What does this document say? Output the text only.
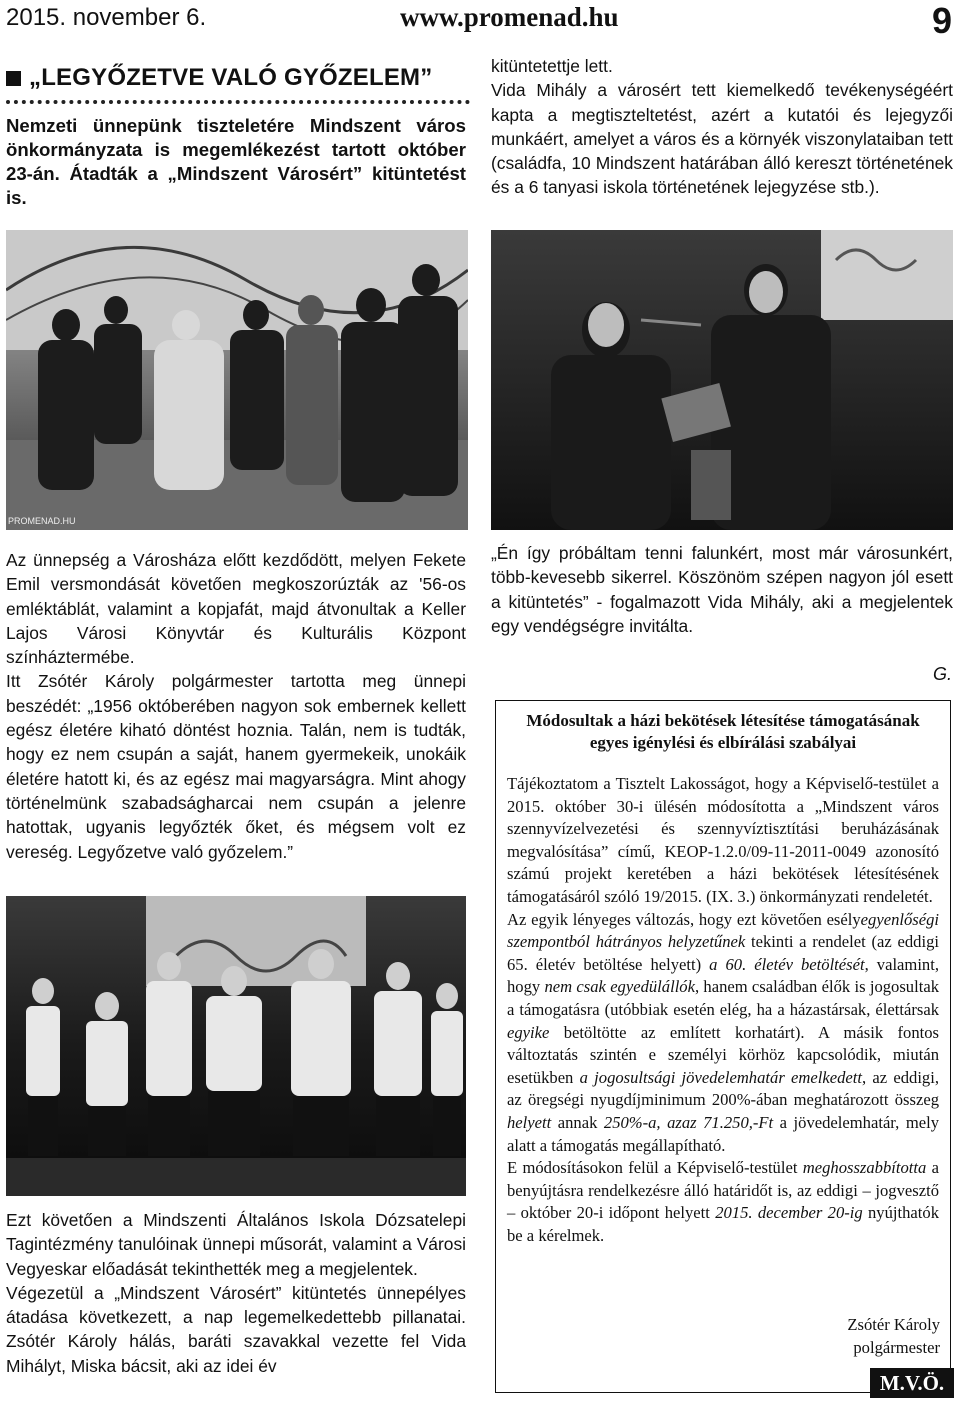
2015. november 6.	www.promenad.hu	9
„LEGYŐZETVE VALÓ GYŐZELEM”
Nemzeti ünnepünk tiszteletére Mindszent város önkormányzata is megemlékezést tartott október 23-án. Átadták a „Mindszent Városért” kitüntetést is.

kitüntetettje lett.

Vida Mihály a városért tett kiemelkedő tevékenységéért kapta a megtiszteltetést, azért a kutatói és lejegyzői munkáért, amelyet a város és a környék viszonylataiban tett (családfa, 10 Mindszent határában álló kereszt történetének és a 6 tanyasi iskola történetének lejegyzése stb.).

PROMENAD.HU

Az ünnepség a Városháza előtt kezdődött, melyen Fekete Emil versmondását követően megkoszorúzták az '56-os emléktáblát, valamint a kopjafát, majd átvonultak a Keller Lajos Városi Könyvtár és Kulturális Központ színháztermébe.

Itt Zsótér Károly polgármester tartotta meg ünnepi beszédét: „1956 októberében nagyon sok embernek kellett egész életére kiható döntést hoznia. Talán, nem is tudták, hogy ez nem csupán a saját, hanem gyermekeik, unokáik életére hatott ki, és az egész mai magyarságra. Mint ahogy történelmünk szabadságharcai nem csupán a jelenre hatottak, ugyanis legyőzték őket, és mégsem volt ez vereség. Legyőzetve való győzelem.”

„Én így próbáltam tenni falunkért, most már városunkért, több-kevesebb sikerrel. Köszönöm szépen nagyon jól esett a kitüntetés” - fogalmazott Vida Mihály, aki a megjelentek egy vendégségre invitálta.
G.

Ezt követően a Mindszenti Általános Iskola Dózsatelepi Tagintézmény tanulóinak ünnepi műsorát, valamint a Városi Vegyeskar előadását tekinthették meg a megjelentek.

Végezetül a „Mindszent Városért” kitüntetés ünnepélyes átadása következett, a nap legemelkedettebb pillanatai. Zsótér Károly hálás, baráti szavakkal vezette fel Vida Mihályt, Miska bácsit, aki az idei év

Módosultak a házi bekötések létesítése támogatásának egyes igénylési és elbírálási szabályai

Tájékoztatom a Tisztelt Lakosságot, hogy a Képviselő-testület a 2015. október 30-i ülésén módosította a „Mindszent város szennyvízelvezetési és szennyvíztisztítási beruházásának megvalósítása” című, KEOP-1.2.0/09-11-2011-0049 azonosító számú projekt keretében a házi bekötések létesítésének támogatásáról szóló 19/2015. (IX. 3.) önkormányzati rendeletét.

Az egyik lényeges változás, hogy ezt követően esélyegyenlőségi szempontból hátrányos helyzetűnek tekinti a rendelet (az eddigi 65. életév betöltése helyett) a 60. életév betöltését, valamint, hogy nem csak egyedülállók, hanem családban élők is jogosultak a támogatásra (utóbbiak esetén elég, ha a házastársak, élettársak egyike betöltötte az említett korhatárt). A másik fontos változtatás szintén e személyi körhöz kapcsolódik, miután esetükben a jogosultsági jövedelemhatár emelkedett, az eddigi, az öregségi nyugdíjminimum 200%-ában meghatározott összeg helyett annak 250%-a, azaz 71.250,-Ft a jövedelemhatár, mely alatt a támogatás megállapítható.

E módosításokon felül a Képviselő-testület meghosszabbította a benyújtásra rendelkezésre álló határidőt is, az eddigi – jogvesztő – október 20-i időpont helyett 2015. december 20-ig nyújthatók be a kérelmek.

Zsótér Károly
polgármester
M.V.Ö.
